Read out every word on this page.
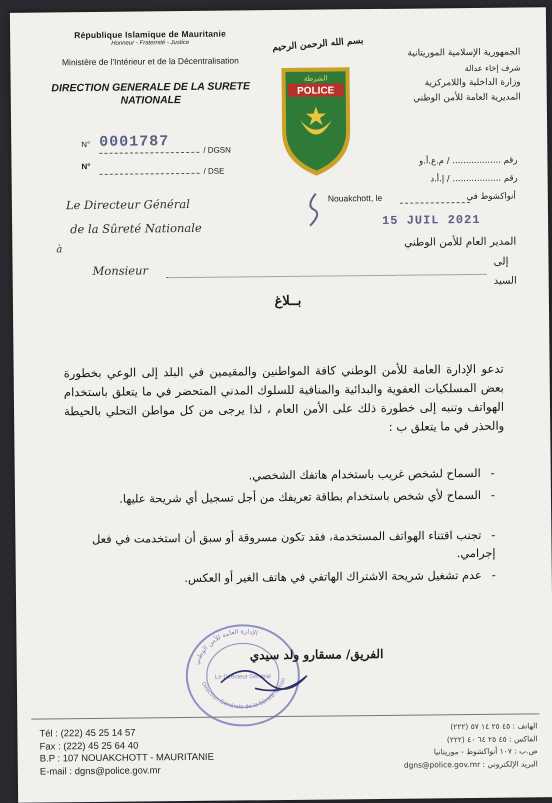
République Islamique de Mauritanie
Honneur - Fraternité - Justice
Ministère de l'Intérieur et de la Décentralisation
DIRECTION GENERALE DE LA SURETE NATIONALE
N° 0001787	/ DGSN
N°
/ DSE
بسم الله الرحمن الرحيم
POLICE
الشرطة
الجمهورية الإسلامية الموريتانية
شرف إخاء عدالة
وزارة الداخلية واللامركزية
المديرية العامة للأمن الوطني
رقم .................. / م.ع.أ.و
رقم .................. / إ.أ.د
Nouakchott, le	أنواكشوط في
15 JUIL 2021
Le Directeur Général
de la Sûreté Nationale
المدير العام للأمن الوطني
à
Monsieur
إلى
السيد
بــلاغ
تدعو الإدارة العامة للأمن الوطني كافة المواطنين والمقيمين في البلد إلى الوعي بخطورة بعض المسلكيات العفوية والبدائية والمنافية للسلوك المدني المتحضر في ما يتعلق باستخدام الهواتف وتنبه إلى خطورة ذلك على الأمن العام ، لذا يرجى من كل مواطن التحلي بالحيطة والحذر في ما يتعلق ب :
-السماح لشخص غريب باستخدام هاتفك الشخصي.
-السماح لأي شخص باستخدام بطاقة تعريفك من أجل تسجيل أي شريحة عليها.
-تجنب اقتناء الهواتف المستخدمة، فقد تكون مسروقة أو سبق أن استخدمت في فعل إجرامي.
-عدم تشغيل شريحة الاشتراك الهاتفي في هاتف الغير أو العكس.
الإدارة العامة للأمن الوطني
Direction Générale de la Sûreté Nationale
Le Directeur Général
الفريق/ مسقارو ولد سيدي
Tél : (222) 45 25 14 57
Fax : (222) 45 25 64 40
B.P : 107 NOUAKCHOTT - MAURITANIE
E-mail : dgns@police.gov.mr
الهاتف : ٤٥ ٢٥ ١٤ ٥٧ (٢٢٢)
الفاكس : ٤٥ ٢٥ ٦٤ ٤٠ (٢٢٢)
ص.ب : ١٠٧ أنواكشوط - موريتانيا
البريد الإلكتروني : dgns@police.gov.mr
